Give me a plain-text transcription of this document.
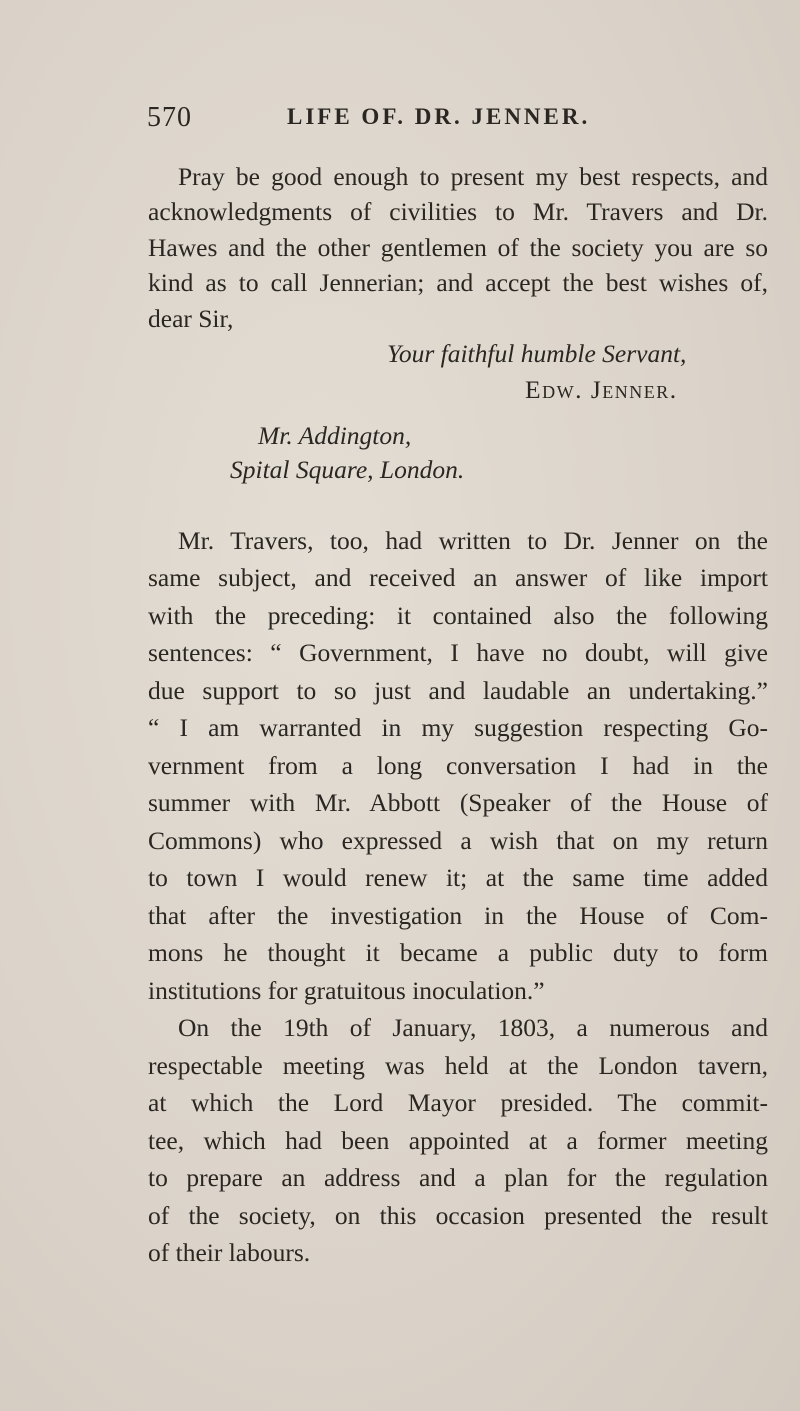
570	LIFE OF. DR. JENNER.
Pray be good enough to present my best respects, and
acknowledgments of civilities to Mr. Travers and Dr.
Hawes and the other gentlemen of the society you are so
kind as to call Jennerian; and accept the best wishes of,
dear Sir,
Your faithful humble Servant,
Edw. Jenner.
Mr. Addington,
Spital Square, London.
Mr. Travers, too, had written to Dr. Jenner on the
same subject, and received an answer of like import
with the preceding: it contained also the following
sentences: “ Government, I have no doubt, will give
due support to so just and laudable an undertaking.”
“ I am warranted in my suggestion respecting Go-
vernment from a long conversation I had in the
summer with Mr. Abbott (Speaker of the House of
Commons) who expressed a wish that on my return
to town I would renew it; at the same time added
that after the investigation in the House of Com-
mons he thought it became a public duty to form
institutions for gratuitous inoculation.”
On the 19th of January, 1803, a numerous and
respectable meeting was held at the London tavern,
at which the Lord Mayor presided. The commit-
tee, which had been appointed at a former meeting
to prepare an address and a plan for the regulation
of the society, on this occasion presented the result
of their labours.
